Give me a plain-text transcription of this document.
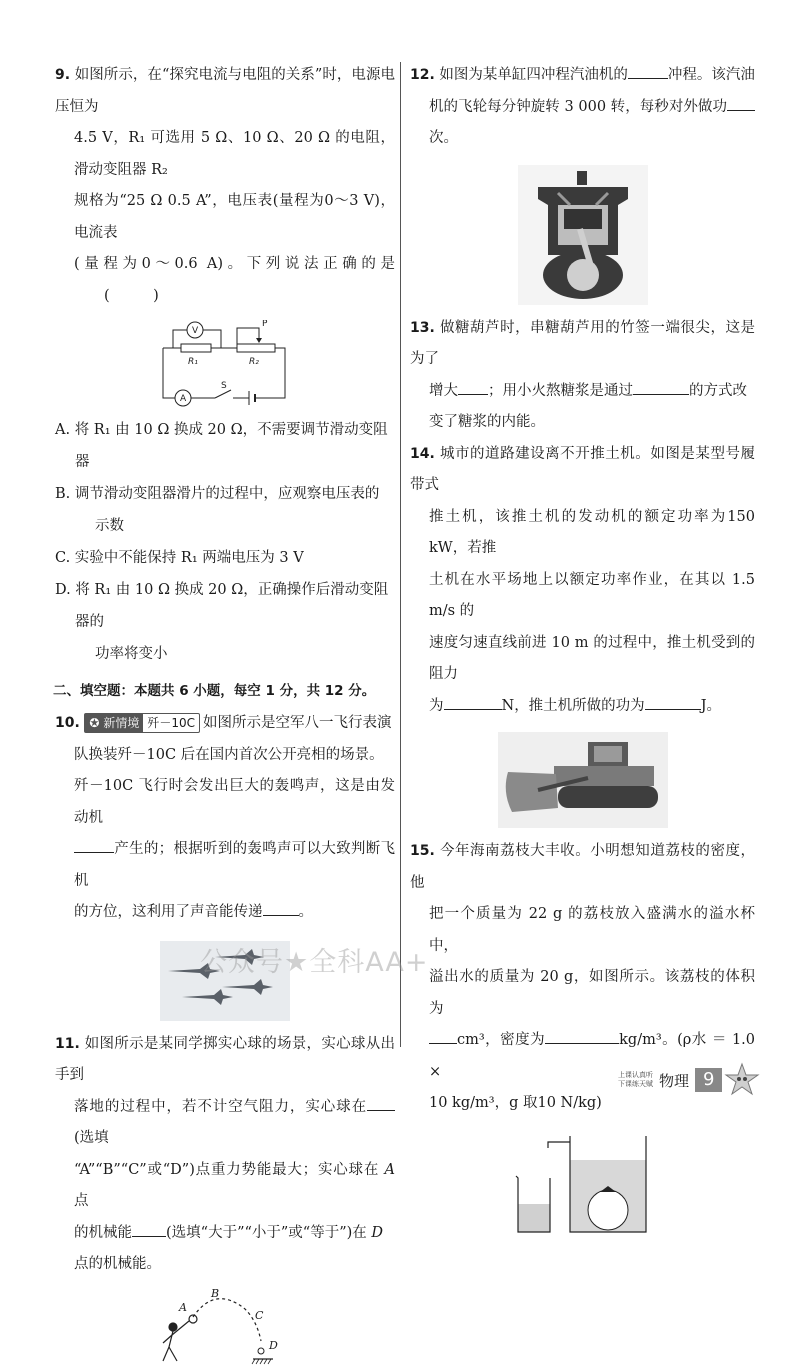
9. 如图所示，在“探究电流与电阻的关系”时，电源电压恒为

4.5 V，R₁ 可选用 5 Ω、10 Ω、20 Ω 的电阻，滑动变阻器 R₂

规格为“25 Ω 0.5 A”，电压表(量程为0～3 V)，电流表

(量程为0～0.6 A)。下列说法正确的是(　　　)

V
A
P
S
R₁	R₂

A. 将 R₁ 由 10 Ω 换成 20 Ω，不需要调节滑动变阻器

B. 调节滑动变阻器滑片的过程中，应观察电压表的
示数

C. 实验中不能保持 R₁ 两端电压为 3 V

D. 将 R₁ 由 10 Ω 换成 20 Ω，正确操作后滑动变阻器的
功率将变小

二、填空题：本题共 6 小题，每空 1 分，共 12 分。

10. ✪ 新情境 歼－10C 如图所示是空军八一飞行表演

队换装歼－10C 后在国内首次公开亮相的场景。

歼－10C 飞行时会发出巨大的轰鸣声，这是由发动机

产生的；根据听到的轰鸣声可以大致判断飞机

的方位，这利用了声音能传递 。

11. 如图所示是某同学掷实心球的场景，实心球从出手到

落地的过程中，若不计空气阻力，实心球在(选填

“A”“B”“C”或“D”)点重力势能最大；实心球在 A 点

的机械能 (选填“大于”“小于”或“等于”)在 D

点的机械能。

A
B
C
D

12. 如图为某单缸四冲程汽油机的	冲程。该汽油

机的飞轮每分钟旋转 3 000 转，每秒对外做功次。

13. 做糖葫芦时，串糖葫芦用的竹签一端很尖，这是为了

增大 ；用小火熬糖浆是通过	的方式改

变了糖浆的内能。

14. 城市的道路建设离不开推土机。如图是某型号履带式

推土机，该推土机的发动机的额定功率为150 kW，若推

土机在水平场地上以额定功率作业，在其以 1.5 m/s 的

速度匀速直线前进 10 m 的过程中，推土机受到的阻力

为	N，推土机所做的功为	J。

15. 今年海南荔枝大丰收。小明想知道荔枝的密度，他

把一个质量为 22 g 的荔枝放入盛满水的溢水杯中，

溢出水的质量为 20 g，如图所示。该荔枝的体积为

cm³，密度为	kg/m³。(ρ水 ＝ 1.0 ×

10 kg/m³，g 取10 N/kg)

公众号★全科AA+
上课认真听
下课练天赋 物理 9
